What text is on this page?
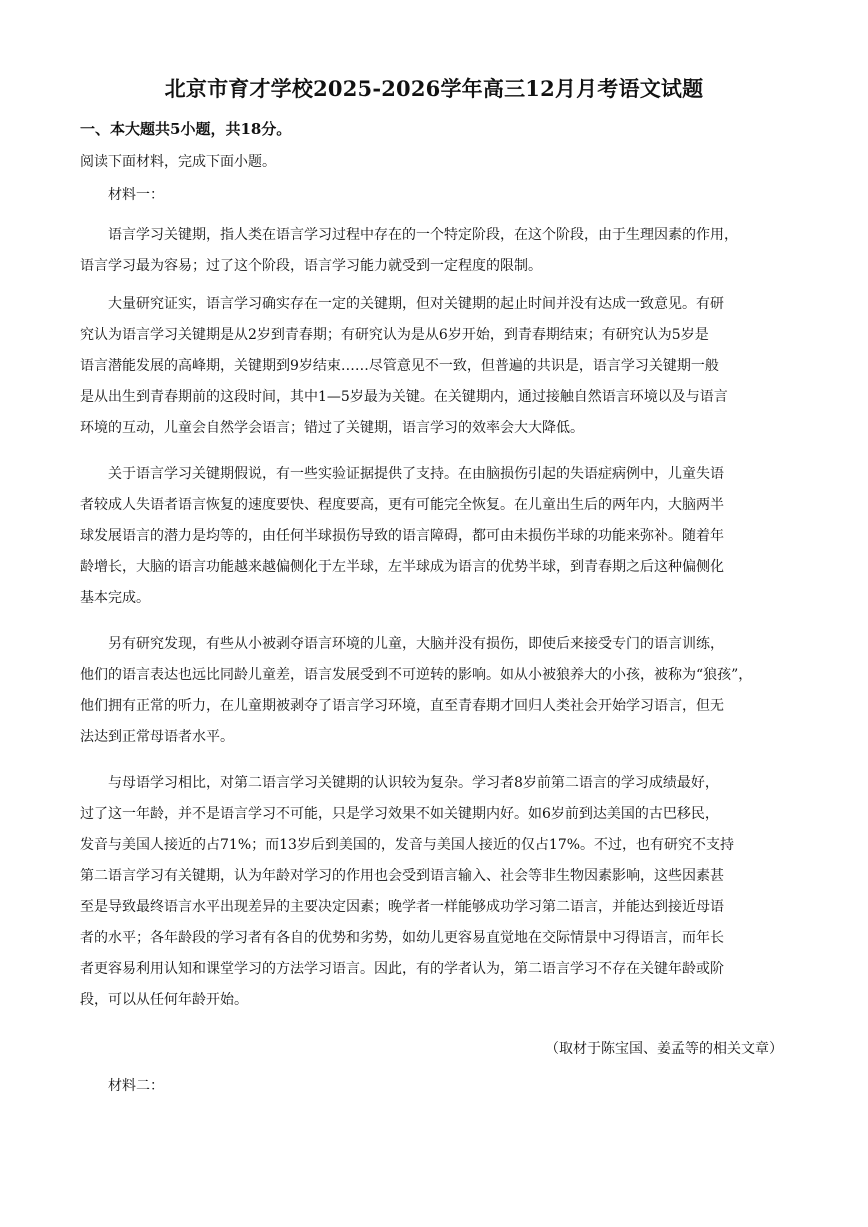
北京市育才学校2025-2026学年高三12月月考语文试题
一、本大题共5小题，共18分。
阅读下面材料，完成下面小题。
材料一：
语言学习关键期，指人类在语言学习过程中存在的一个特定阶段，在这个阶段，由于生理因素的作用，
语言学习最为容易；过了这个阶段，语言学习能力就受到一定程度的限制。
大量研究证实，语言学习确实存在一定的关键期，但对关键期的起止时间并没有达成一致意见。有研
究认为语言学习关键期是从2岁到青春期；有研究认为是从6岁开始，到青春期结束；有研究认为5岁是
语言潜能发展的高峰期，关键期到9岁结束……尽管意见不一致，但普遍的共识是，语言学习关键期一般
是从出生到青春期前的这段时间，其中1—5岁最为关键。在关键期内，通过接触自然语言环境以及与语言
环境的互动，儿童会自然学会语言；错过了关键期，语言学习的效率会大大降低。
关于语言学习关键期假说，有一些实验证据提供了支持。在由脑损伤引起的失语症病例中，儿童失语
者较成人失语者语言恢复的速度要快、程度要高，更有可能完全恢复。在儿童出生后的两年内，大脑两半
球发展语言的潜力是均等的，由任何半球损伤导致的语言障碍，都可由未损伤半球的功能来弥补。随着年
龄增长，大脑的语言功能越来越偏侧化于左半球，左半球成为语言的优势半球，到青春期之后这种偏侧化
基本完成。
另有研究发现，有些从小被剥夺语言环境的儿童，大脑并没有损伤，即使后来接受专门的语言训练，
他们的语言表达也远比同龄儿童差，语言发展受到不可逆转的影响。如从小被狼养大的小孩，被称为“狼孩”，
他们拥有正常的听力，在儿童期被剥夺了语言学习环境，直至青春期才回归人类社会开始学习语言，但无
法达到正常母语者水平。
与母语学习相比，对第二语言学习关键期的认识较为复杂。学习者8岁前第二语言的学习成绩最好，
过了这一年龄，并不是语言学习不可能，只是学习效果不如关键期内好。如6岁前到达美国的古巴移民，
发音与美国人接近的占71%；而13岁后到美国的，发音与美国人接近的仅占17%。不过，也有研究不支持
第二语言学习有关键期，认为年龄对学习的作用也会受到语言输入、社会等非生物因素影响，这些因素甚
至是导致最终语言水平出现差异的主要决定因素；晚学者一样能够成功学习第二语言，并能达到接近母语
者的水平；各年龄段的学习者有各自的优势和劣势，如幼儿更容易直觉地在交际情景中习得语言，而年长
者更容易利用认知和课堂学习的方法学习语言。因此，有的学者认为，第二语言学习不存在关键年龄或阶
段，可以从任何年龄开始。
（取材于陈宝国、姜孟等的相关文章）
材料二：
